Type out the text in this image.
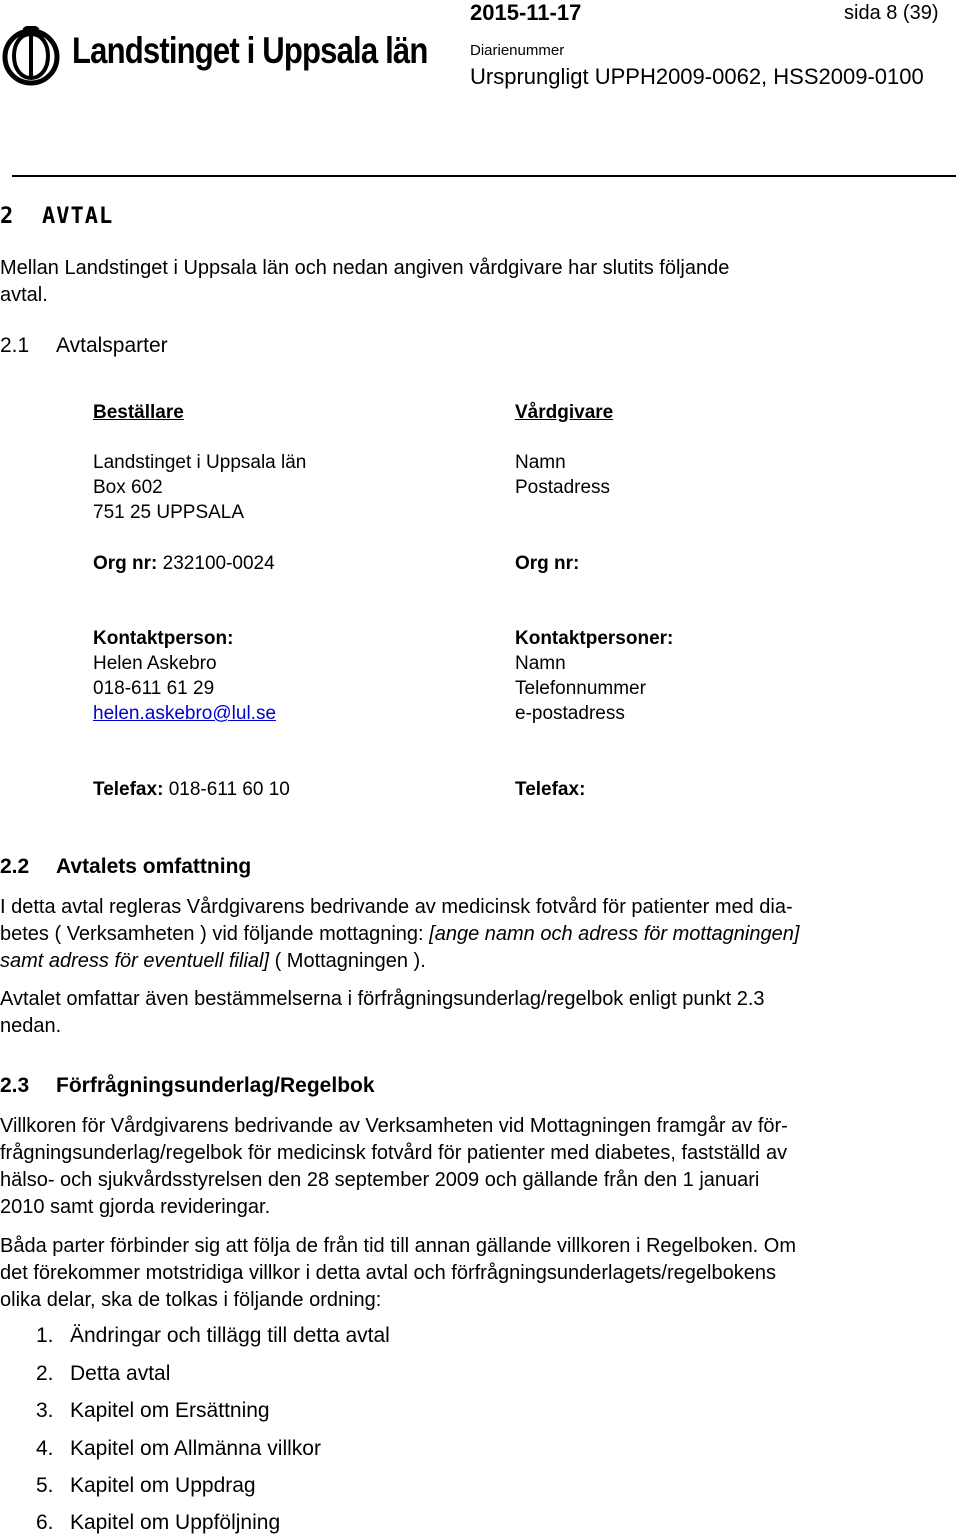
Landstinget i Uppsala län
2015-11-17	sida 8 (39)
Diarienummer
Ursprungligt UPPH2009-0062, HSS2009-0100
2 AVTAL
Mellan Landstinget i Uppsala län och nedan angiven vårdgivare har slutits följande
avtal.
2.1 Avtalsparter
Beställare
Landstinget i Uppsala län
Box 602
751 25 UPPSALA
Org nr: 232100-0024
Kontaktperson:
Helen Askebro
018-611 61 29
helen.askebro@lul.se
Telefax: 018-611 60 10
Vårdgivare
Namn
Postadress
Org nr:
Kontaktpersoner:
Namn
Telefonnummer
e-postadress
Telefax:
2.2 Avtalets omfattning
I detta avtal regleras Vårdgivarens bedrivande av medicinsk fotvård för patienter med dia-
betes ( Verksamheten ) vid följande mottagning: [ange namn och adress för mottagningen]
samt adress för eventuell filial] ( Mottagningen ).
Avtalet omfattar även bestämmelserna i förfrågningsunderlag/regelbok enligt punkt 2.3
nedan.
2.3 Förfrågningsunderlag/Regelbok
Villkoren för Vårdgivarens bedrivande av Verksamheten vid Mottagningen framgår av för-
frågningsunderlag/regelbok för medicinsk fotvård för patienter med diabetes, fastställd av
hälso- och sjukvårdsstyrelsen den 28 september 2009 och gällande från den 1 januari
2010 samt gjorda revideringar.
Båda parter förbinder sig att följa de från tid till annan gällande villkoren i Regelboken. Om
det förekommer motstridiga villkor i detta avtal och förfrågningsunderlagets/regelbokens
olika delar, ska de tolkas i följande ordning:
1. Ändringar och tillägg till detta avtal
2. Detta avtal
3. Kapitel om Ersättning
4. Kapitel om Allmänna villkor
5. Kapitel om Uppdrag
6. Kapitel om Uppföljning
